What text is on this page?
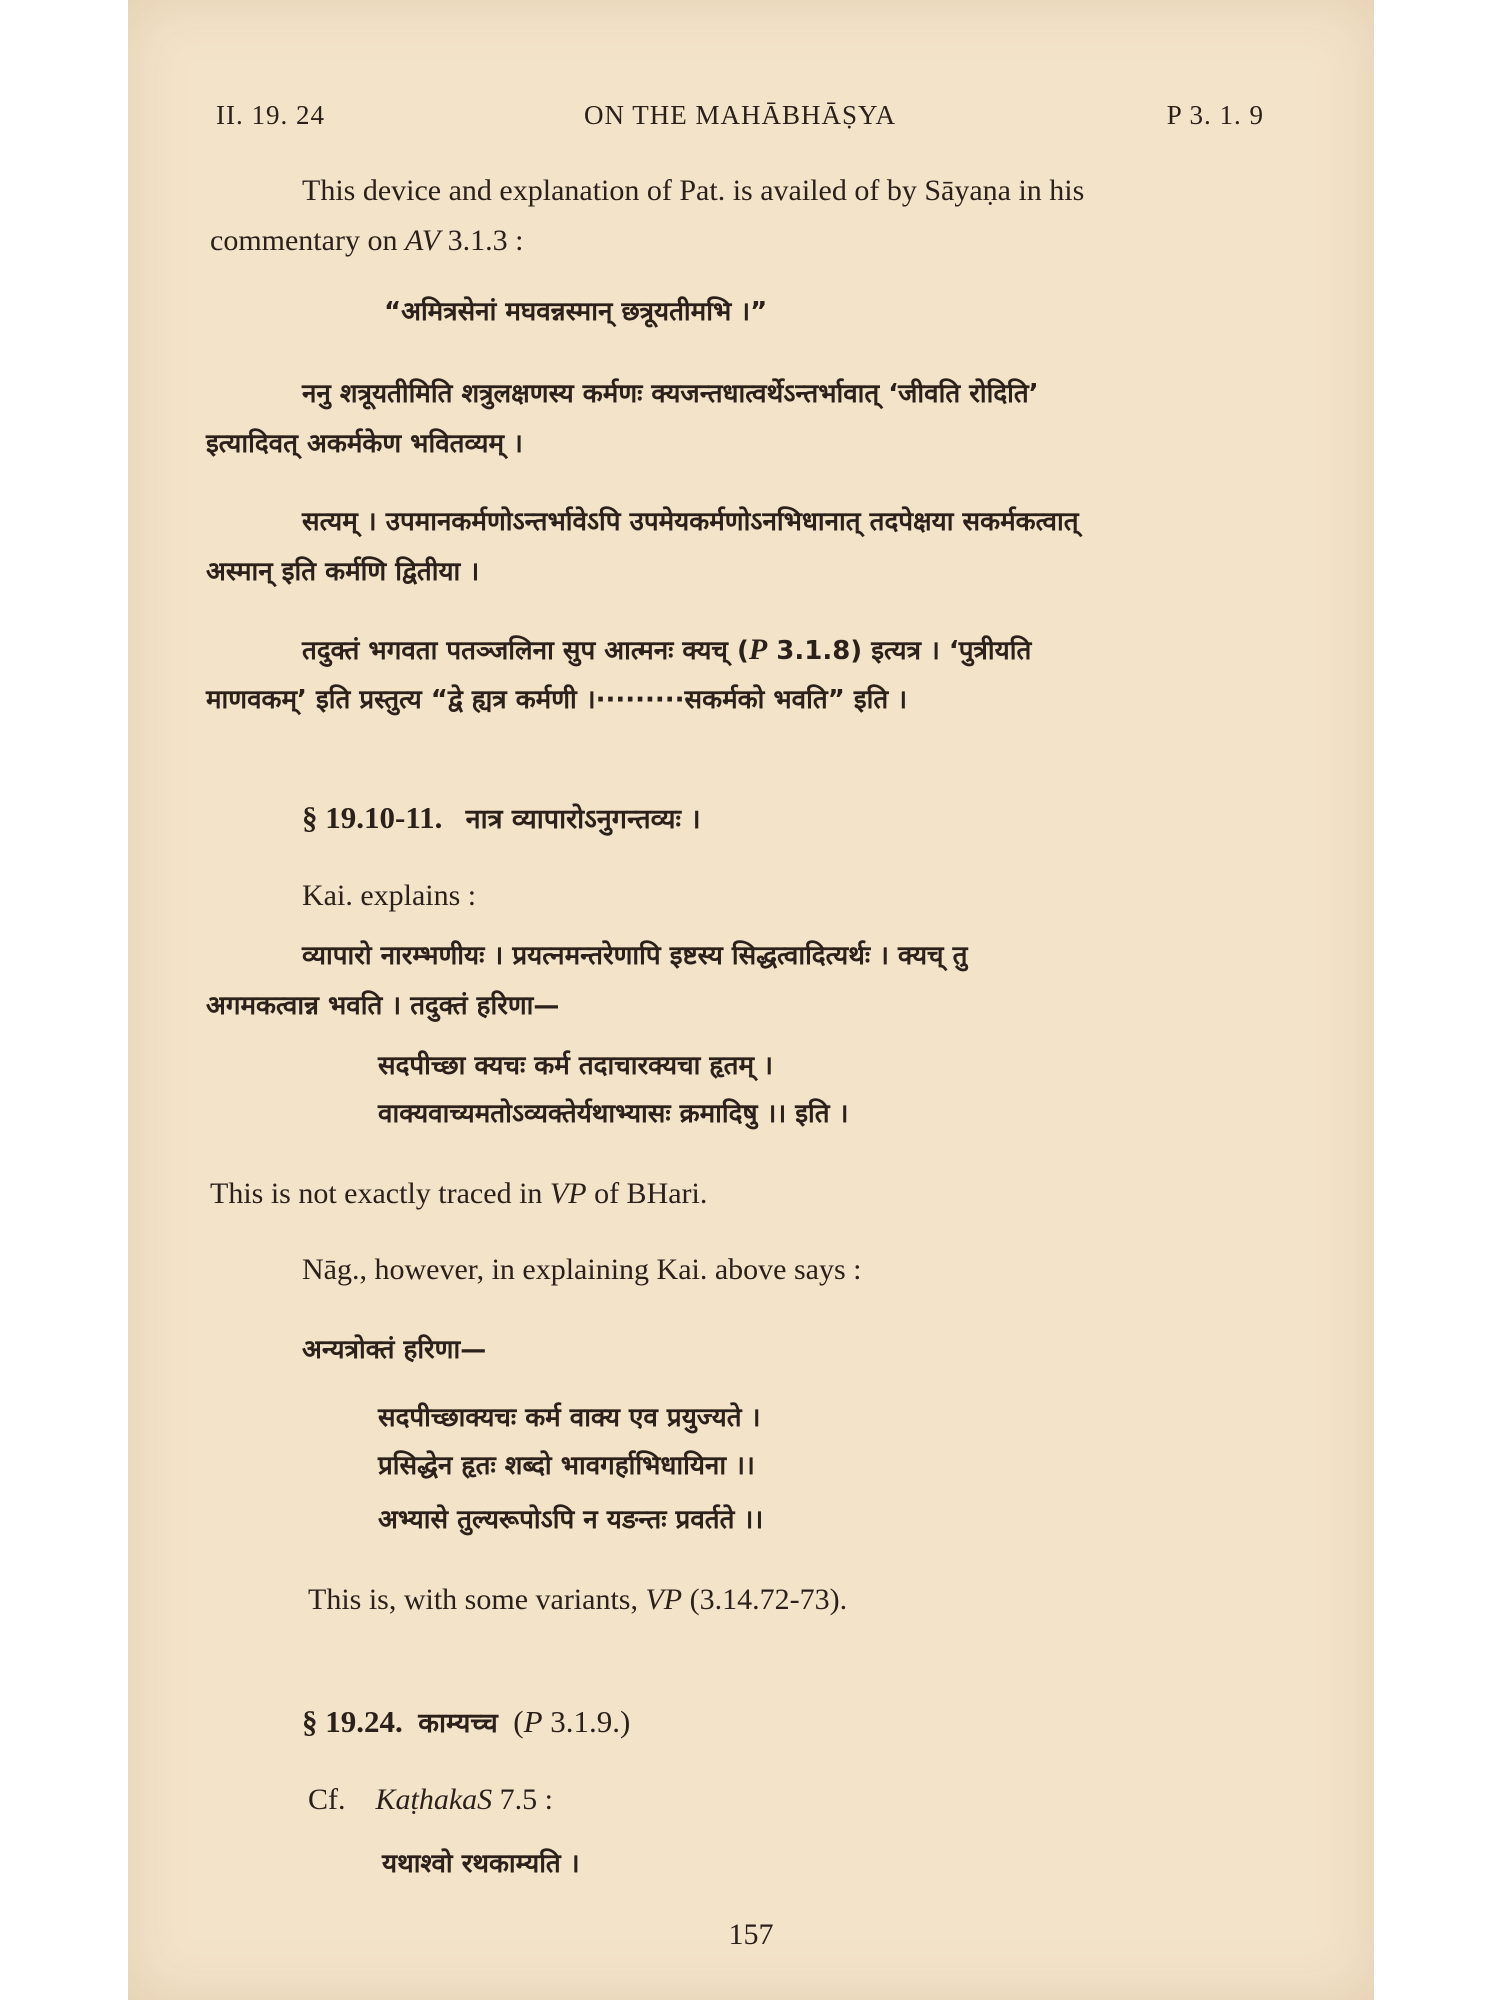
II. 19. 24	ON THE MAHĀBHĀṢYA	P 3. 1. 9
This device and explanation of Pat. is availed of by Sāyaṇa in his
commentary on AV 3.1.3 :
“अमित्रसेनां मघवन्नस्मान् छत्रूयतीमभि ।”
ननु शत्रूयतीमिति शत्रुलक्षणस्य कर्मणः क्यजन्तधात्वर्थेऽन्तर्भावात् ‘जीवति रोदिति’
इत्यादिवत् अकर्मकेण भवितव्यम् ।
सत्यम् । उपमानकर्मणोऽन्तर्भावेऽपि उपमेयकर्मणोऽनभिधानात् तदपेक्षया सकर्मकत्वात्
अस्मान् इति कर्मणि द्वितीया ।
तदुक्तं भगवता पतञ्जलिना सुप आत्मनः क्यच् (P 3.1.8) इत्यत्र । ‘पुत्रीयति
माणवकम्’ इति प्रस्तुत्य “द्वे ह्यत्र कर्मणी ।·········सकर्मको भवति” इति ।
§ 19.10-11. नात्र व्यापारोऽनुगन्तव्यः ।
Kai. explains :
व्यापारो नारम्भणीयः । प्रयत्नमन्तरेणापि इष्टस्य सिद्धत्वादित्यर्थः । क्यच् तु
अगमकत्वान्न भवति । तदुक्तं हरिणा—
सदपीच्छा क्यचः कर्म तदाचारक्यचा हृतम् ।
वाक्यवाच्यमतोऽव्यक्तेर्यथाभ्यासः क्रमादिषु ।। इति ।
This is not exactly traced in VP of BHari.
Nāg., however, in explaining Kai. above says :
अन्यत्रोक्तं हरिणा—
सदपीच्छाक्यचः कर्म वाक्य एव प्रयुज्यते ।
प्रसिद्धेन हृतः शब्दो भावगर्हाभिधायिना ।।
अभ्यासे तुल्यरूपोऽपि न यङन्तः प्रवर्तते ।।
This is, with some variants, VP (3.14.72-73).
§ 19.24. काम्यच्च (P 3.1.9.)
Cf. KaṭhakaS 7.5 :
यथाश्वो रथकाम्यति ।
157
